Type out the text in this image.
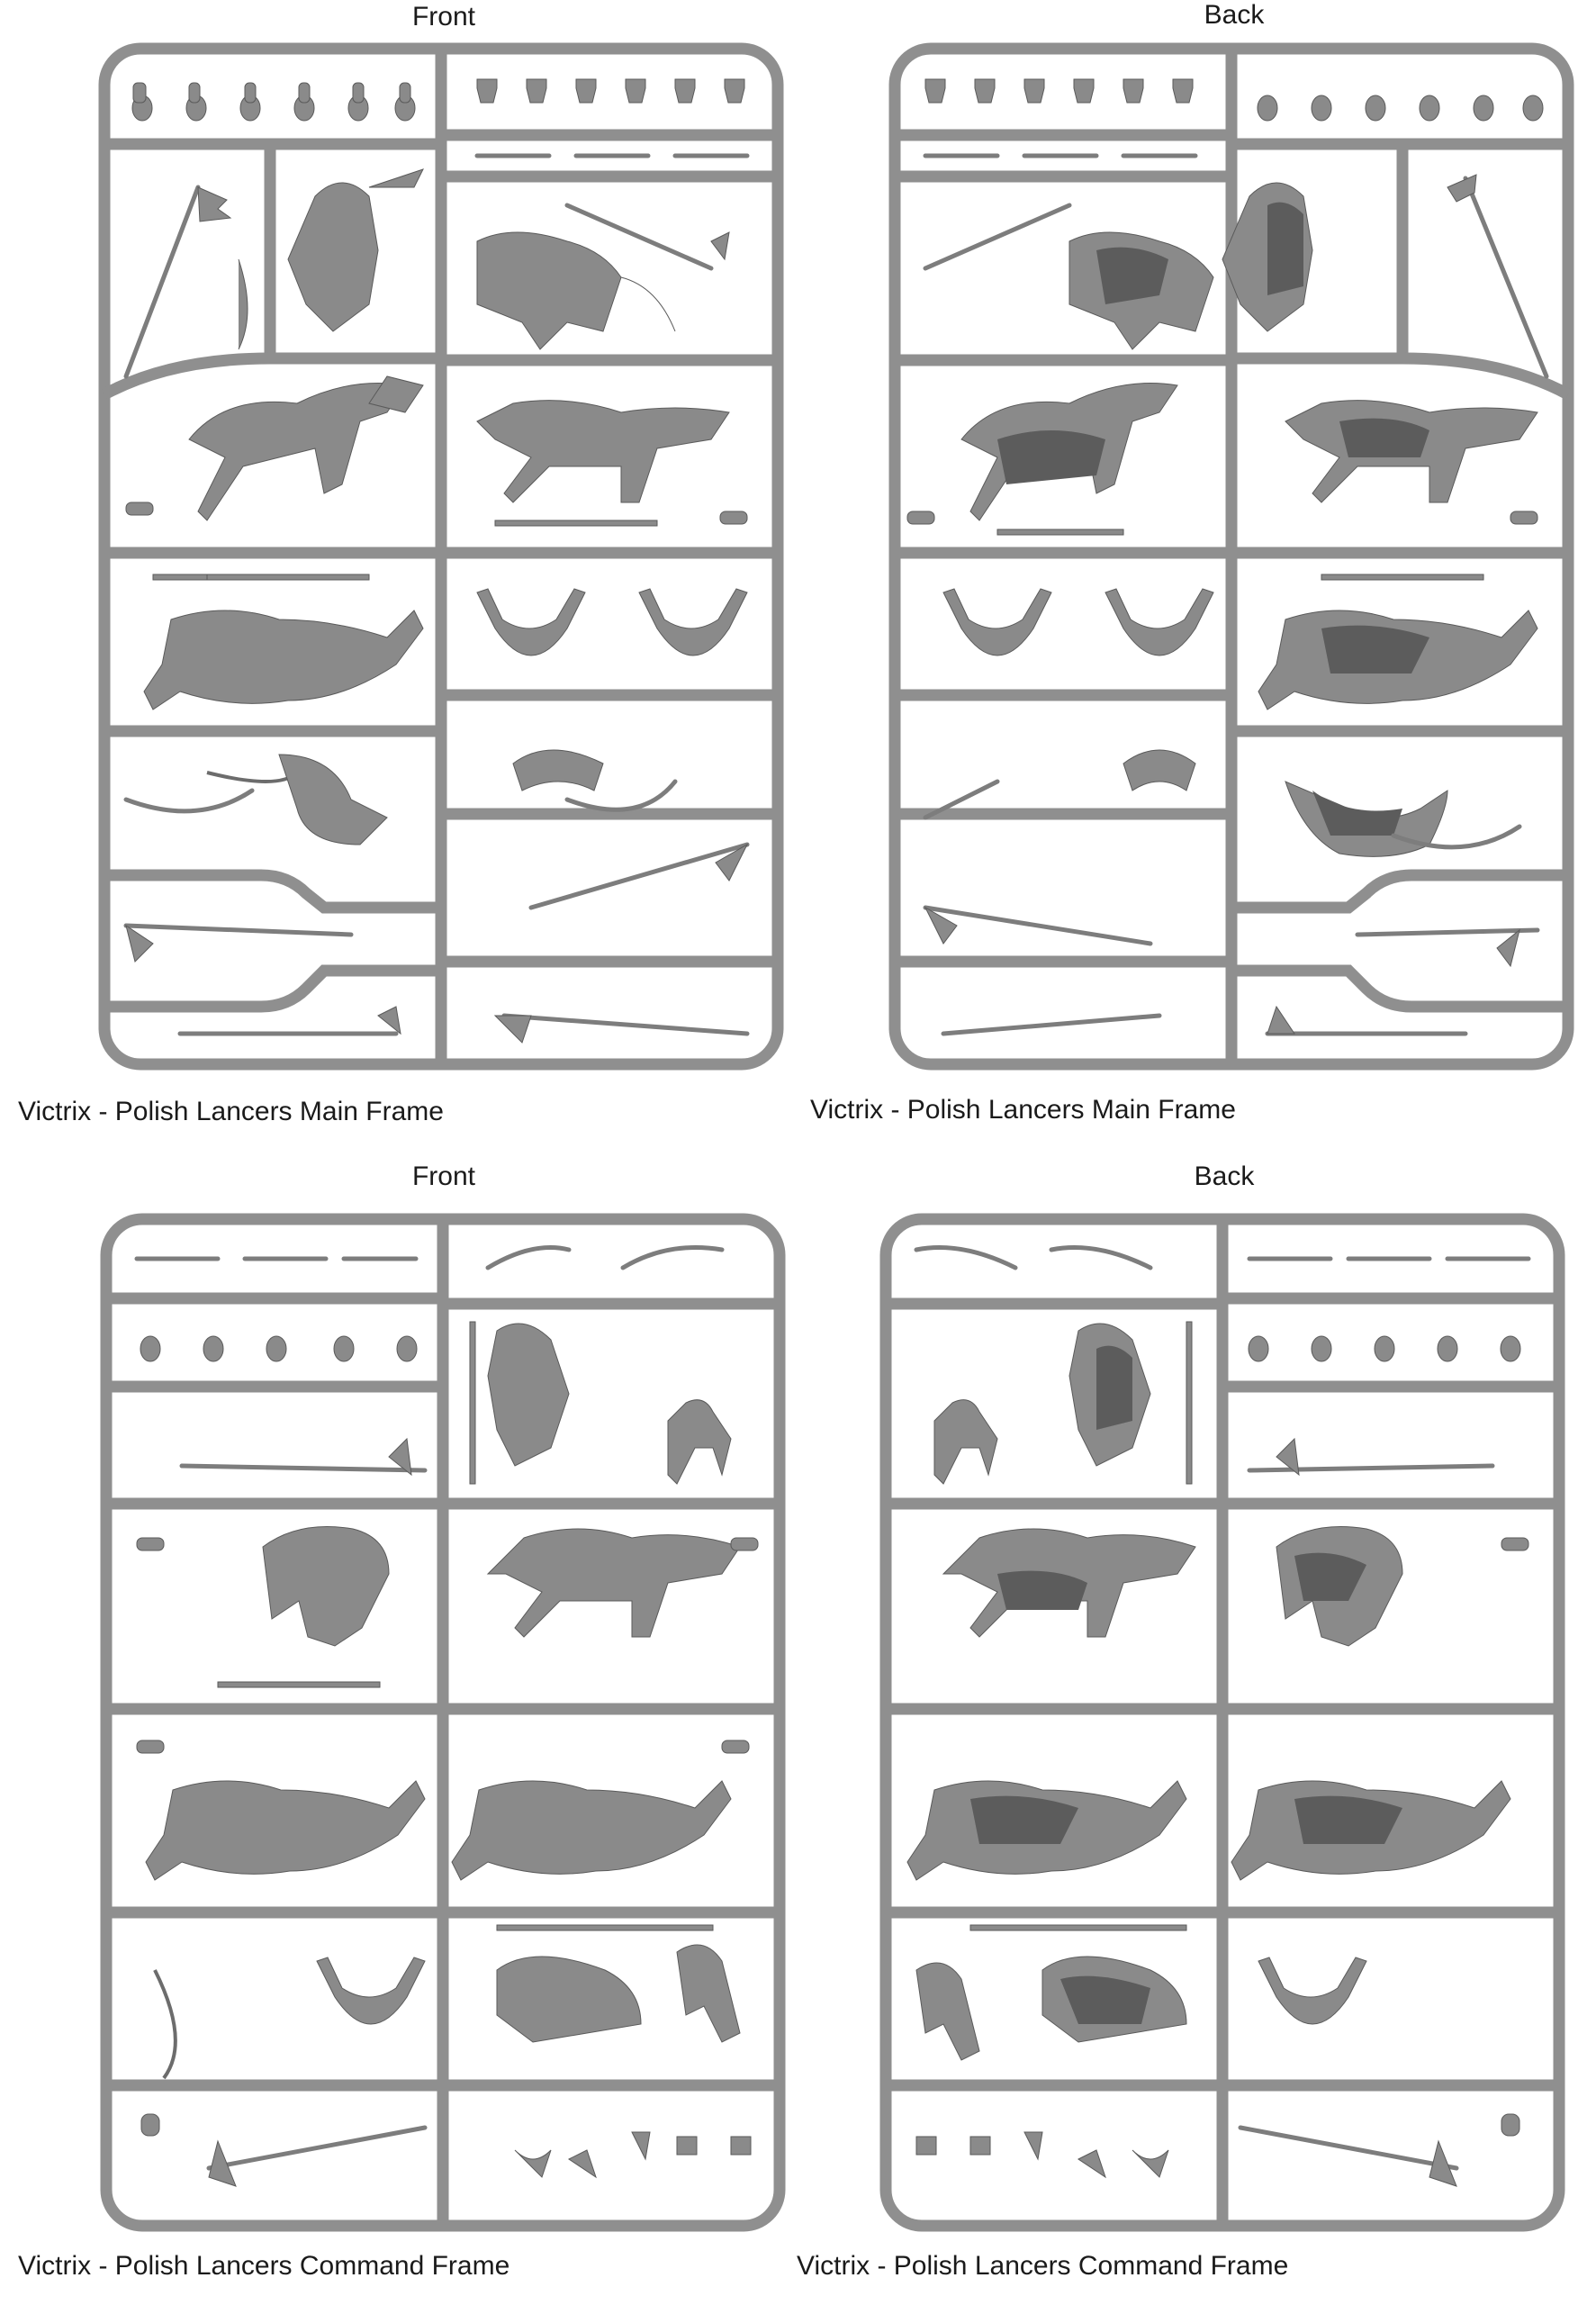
Front	Back
Front	Back
Victrix - Polish Lancers Main Frame	Victrix - Polish Lancers Main Frame
Victrix - Polish Lancers Command Frame	Victrix - Polish Lancers Command Frame
